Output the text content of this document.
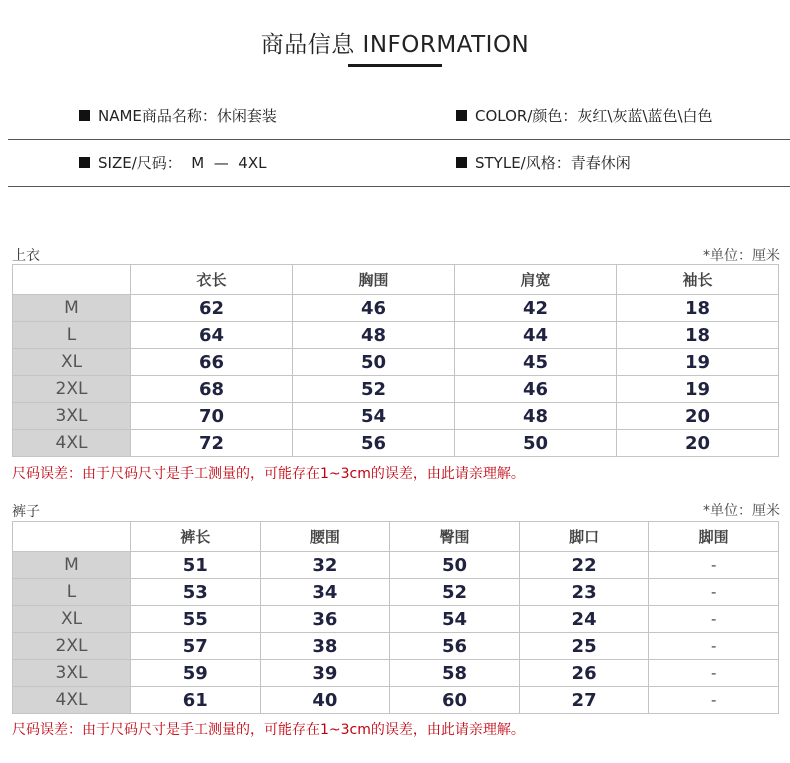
商品信息 INFORMATION
NAME商品名称：休闲套装	COLOR/颜色：灰红\灰蓝\蓝色\白色
SIZE/尺码：  M  —  4XL	STYLE/风格：青春休闲
上衣	*单位：厘米
	衣长	胸围	肩宽	袖长
M	62	46	42	18
L	64	48	44	18
XL	66	50	45	19
2XL	68	52	46	19
3XL	70	54	48	20
4XL	72	56	50	20
尺码误差：由于尺码尺寸是手工测量的，可能存在1~3cm的误差，由此请亲理解。
裤子	*单位：厘米
	裤长	腰围	臀围	脚口	脚围
M	51	32	50	22	-
L	53	34	52	23	-
XL	55	36	54	24	-
2XL	57	38	56	25	-
3XL	59	39	58	26	-
4XL	61	40	60	27	-
尺码误差：由于尺码尺寸是手工测量的，可能存在1~3cm的误差，由此请亲理解。
